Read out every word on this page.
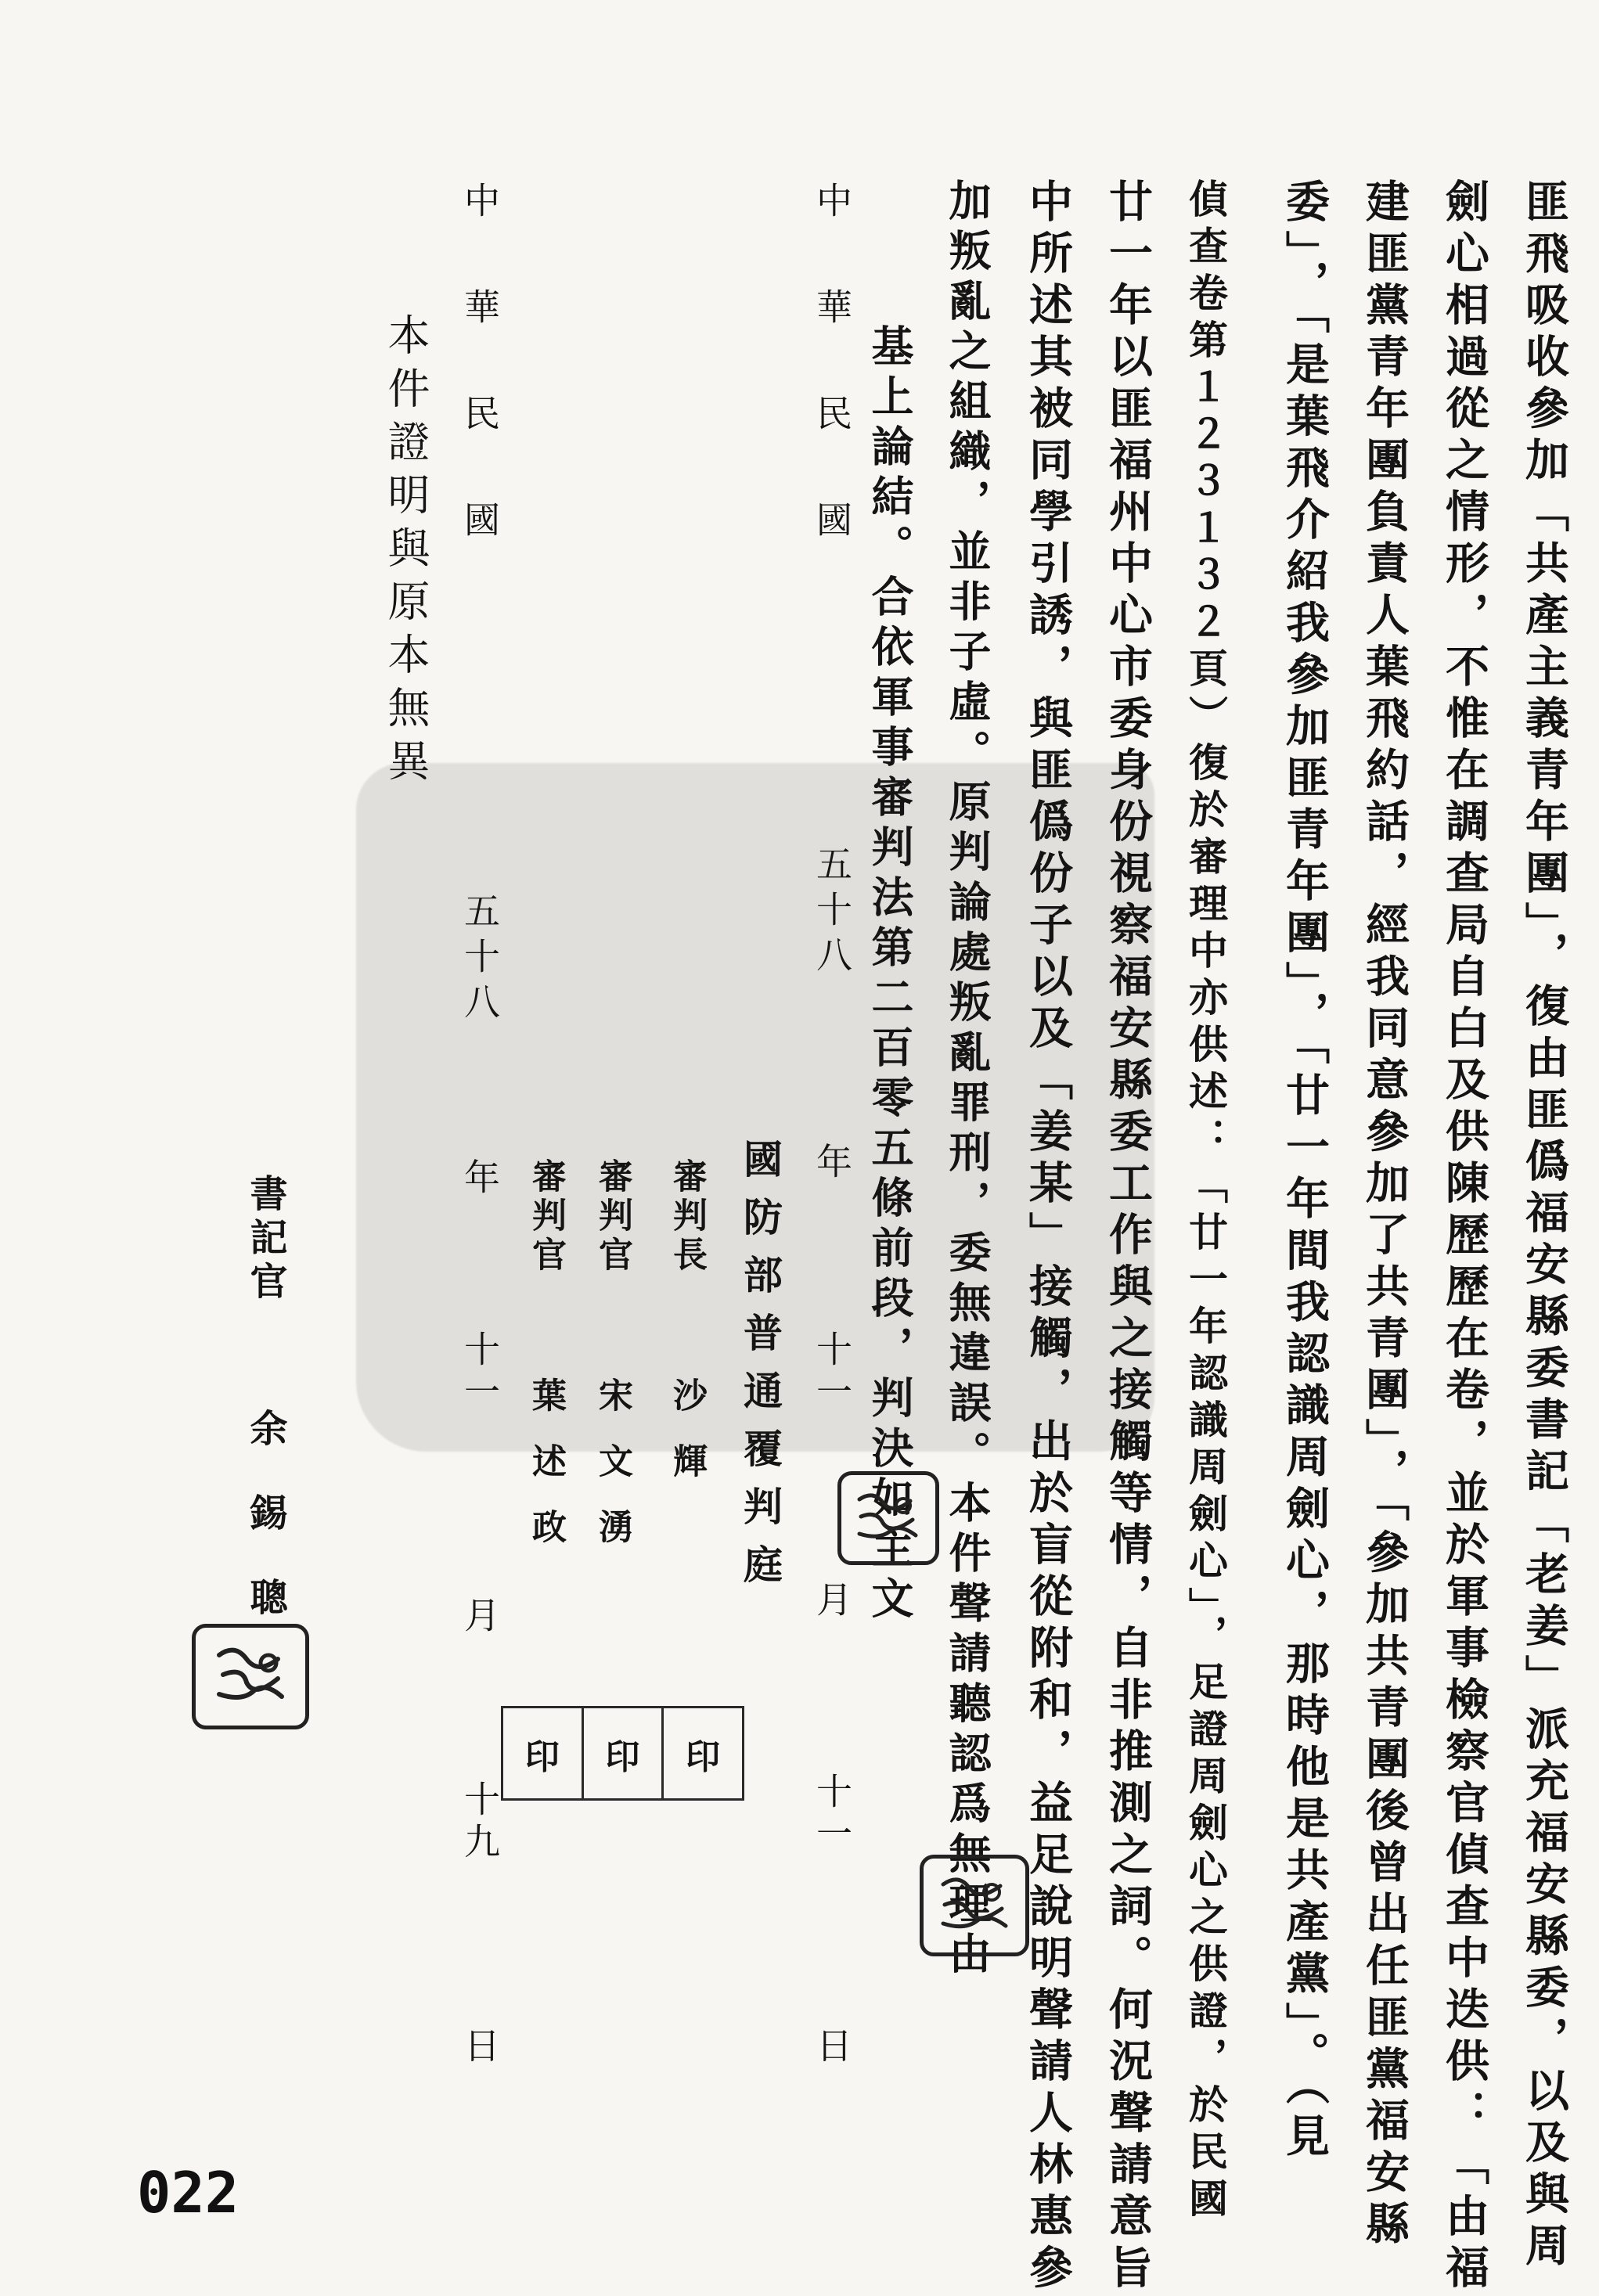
匪飛吸收參加「共產主義青年團」，復由匪僞福安縣委書記「老姜」派充福安縣委，以及與周
劍心相過從之情形，不惟在調查局自白及供陳歷歷在卷，並於軍事檢察官偵查中迭供：「由福
建匪黨青年團負責人葉飛約話，經我同意參加了共青團」，「參加共青團後曾出任匪黨福安縣
委」，「是葉飛介紹我參加匪青年團」，「廿一年間我認識周劍心，那時他是共產黨」。（見
偵查卷第１２３１３２頁）復於審理中亦供述：「廿一年認識周劍心」，足證周劍心之供證，於民國
廿一年以匪福州中心市委身份視察福安縣委工作與之接觸等情，自非推測之詞。何況聲請意旨
中所述其被同學引誘，與匪僞份子以及「姜某」接觸，出於盲從附和，益足說明聲請人林惠參
加叛亂之組織，並非子虛。原判論處叛亂罪刑，委無違誤。本件聲請聽認爲無理由
　基上論結。合依軍事審判法第二百零五條前段，判決如主文
中華民國
五十八
年
十一
月
十一
日
國防部普通覆判庭
審判長
沙輝
審判官
宋文湧
審判官
葉述政
印	印	印
中華民國
五十八
年
十一
月
十九
日
本件證明與原本無異
書記官
余錫聰
022
